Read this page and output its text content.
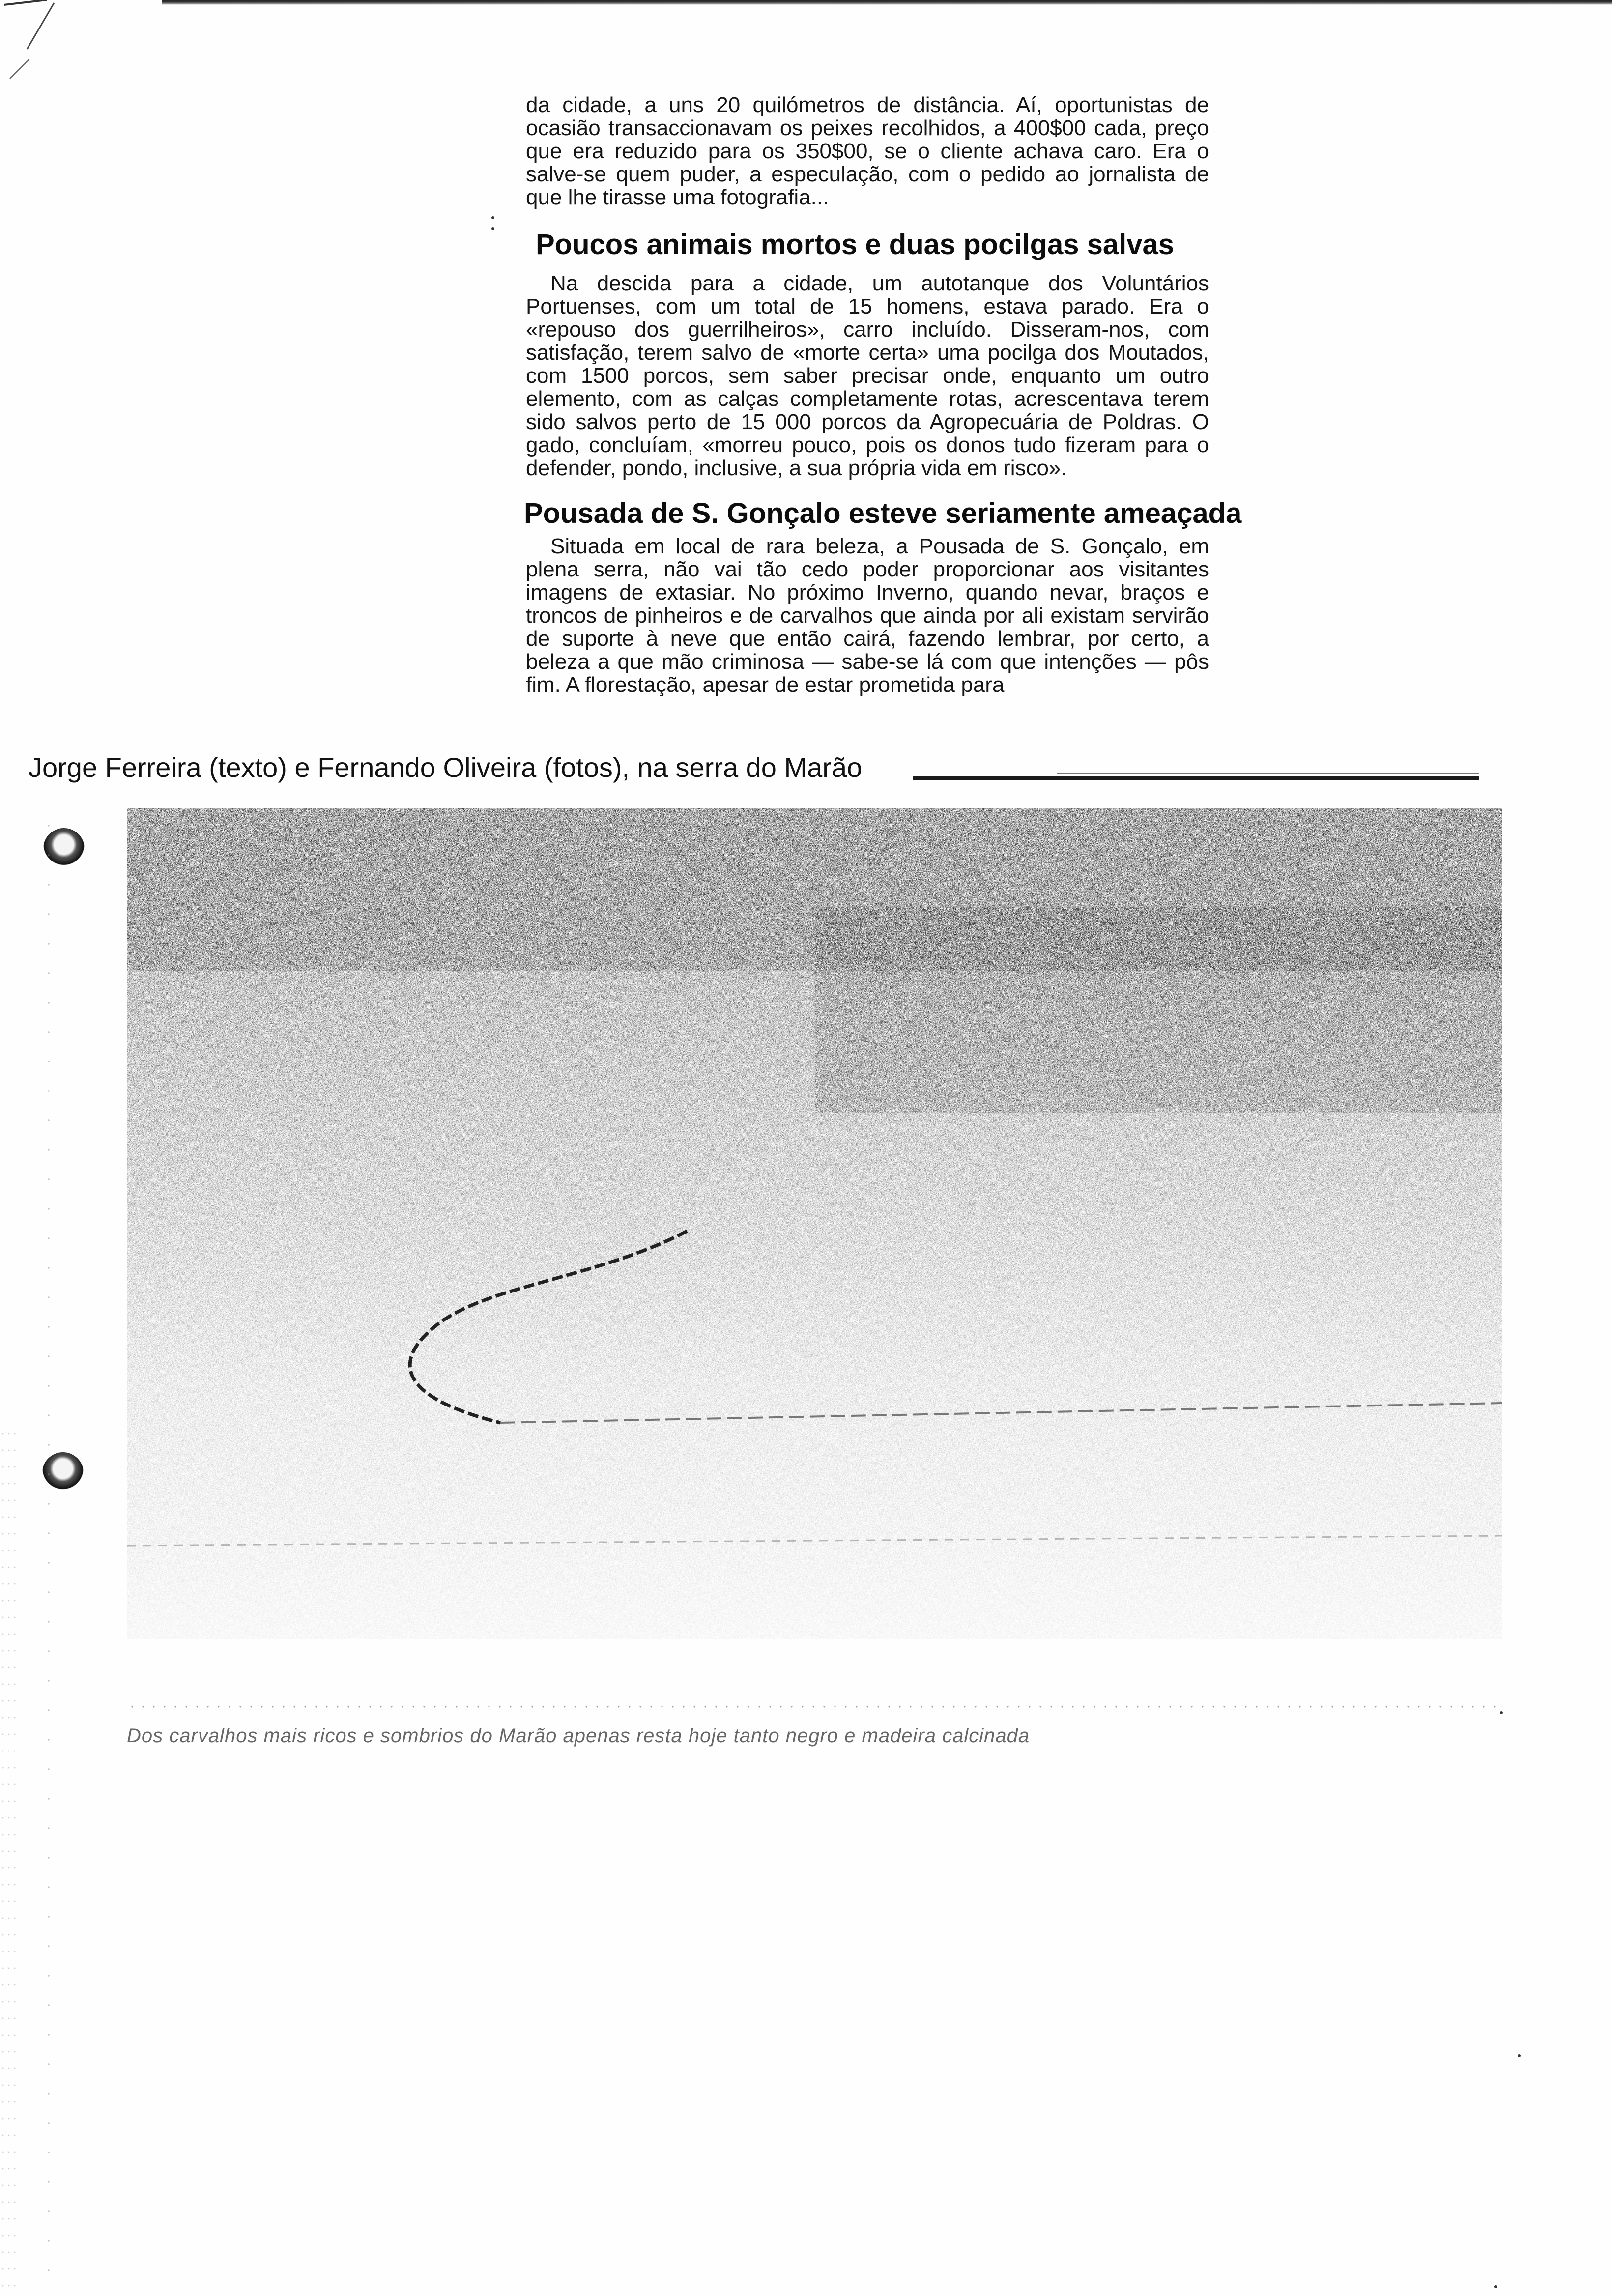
da cidade, a uns 20 quilómetros de distância. Aí, oportunistas de ocasião transaccionavam os peixes recolhidos, a 400$00 cada, preço que era reduzido para os 350$00, se o cliente achava caro. Era o salve-se quem puder, a especulação, com o pedido ao jornalista de que lhe tirasse uma fotografia...

Poucos animais mortos e duas pocilgas salvas

Na descida para a cidade, um autotanque dos Voluntários Portuenses, com um total de 15 homens, estava parado. Era o «repouso dos guerrilheiros», carro incluído. Disseram-nos, com satisfação, terem salvo de «morte certa» uma pocilga dos Moutados, com 1500 porcos, sem saber precisar onde, enquanto um outro elemento, com as calças completamente rotas, acrescentava terem sido salvos perto de 15 000 porcos da Agropecuária de Poldras. O gado, concluíam, «morreu pouco, pois os donos tudo fizeram para o defender, pondo, inclusive, a sua própria vida em risco».

Pousada de S. Gonçalo esteve seriamente ameaçada

Situada em local de rara beleza, a Pousada de S. Gonçalo, em plena serra, não vai tão cedo poder proporcionar aos visitantes imagens de extasiar. No próximo Inverno, quando nevar, braços e troncos de pinheiros e de carvalhos que ainda por ali existam servirão de suporte à neve que então cairá, fazendo lembrar, por certo, a beleza a que mão criminosa — sabe-se lá com que intenções — pôs fim. A florestação, apesar de estar prometida para

Jorge Ferreira (texto) e Fernando Oliveira (fotos), na serra do Marão
Dos carvalhos mais ricos e sombrios do Marão apenas resta hoje tanto negro e madeira calcinada
